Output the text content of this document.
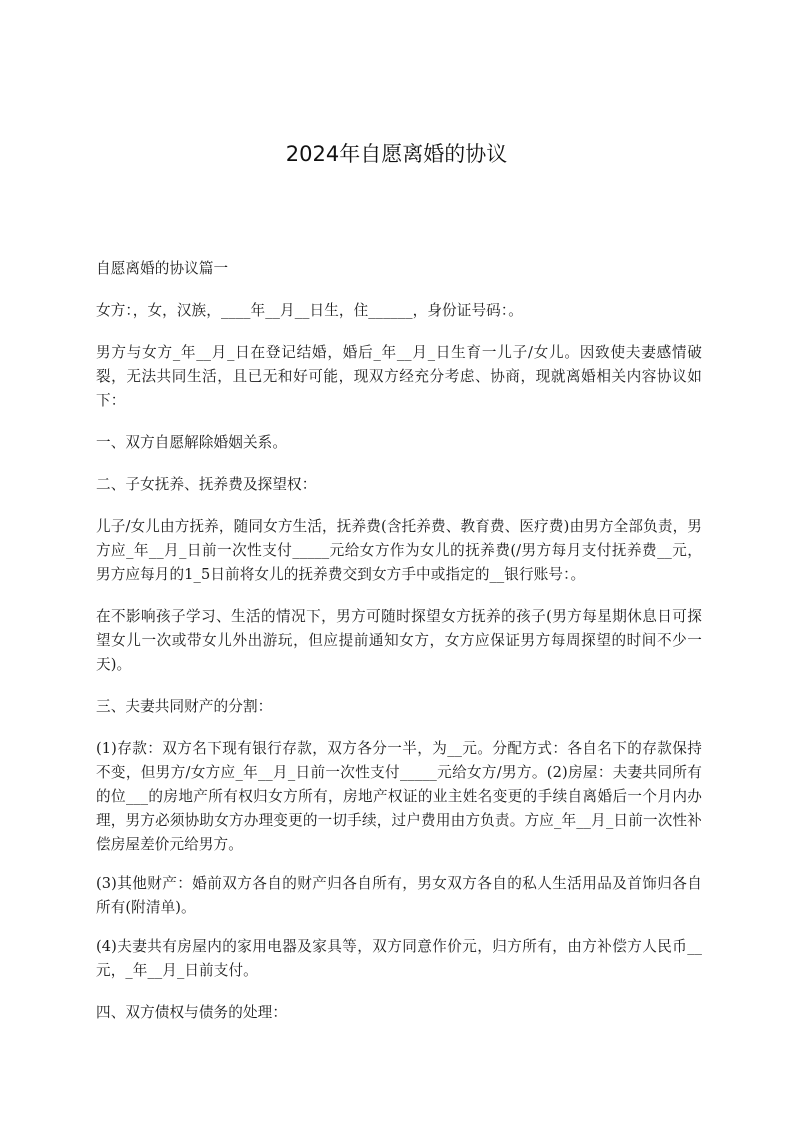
2024年自愿离婚的协议

自愿离婚的协议篇一

女方：，女，汉族，____年__月__日生，住______，身份证号码：。

男方与女方_年__月_日在登记结婚，婚后_年__月_日生育一儿子/女儿。因致使夫妻感情破裂，无法共同生活，且已无和好可能，现双方经充分考虑、协商，现就离婚相关内容协议如下：

一、双方自愿解除婚姻关系。

二、子女抚养、抚养费及探望权：

儿子/女儿由方抚养，随同女方生活，抚养费(含托养费、教育费、医疗费)由男方全部负责，男方应_年__月_日前一次性支付_____元给女方作为女儿的抚养费(/男方每月支付抚养费__元，男方应每月的1_5日前将女儿的抚养费交到女方手中或指定的__银行账号：。

在不影响孩子学习、生活的情况下，男方可随时探望女方抚养的孩子(男方每星期休息日可探望女儿一次或带女儿外出游玩，但应提前通知女方，女方应保证男方每周探望的时间不少一天)。

三、夫妻共同财产的分割：

(1)存款：双方名下现有银行存款，双方各分一半，为__元。分配方式：各自名下的存款保持不变，但男方/女方应_年__月_日前一次性支付_____元给女方/男方。(2)房屋：夫妻共同所有的位___的房地产所有权归女方所有，房地产权证的业主姓名变更的手续自离婚后一个月内办理，男方必须协助女方办理变更的一切手续，过户费用由方负责。方应_年__月_日前一次性补偿房屋差价元给男方。

(3)其他财产：婚前双方各自的财产归各自所有，男女双方各自的私人生活用品及首饰归各自所有(附清单)。

(4)夫妻共有房屋内的家用电器及家具等，双方同意作价元，归方所有，由方补偿方人民币__元，_年__月_日前支付。

四、双方债权与债务的处理：
